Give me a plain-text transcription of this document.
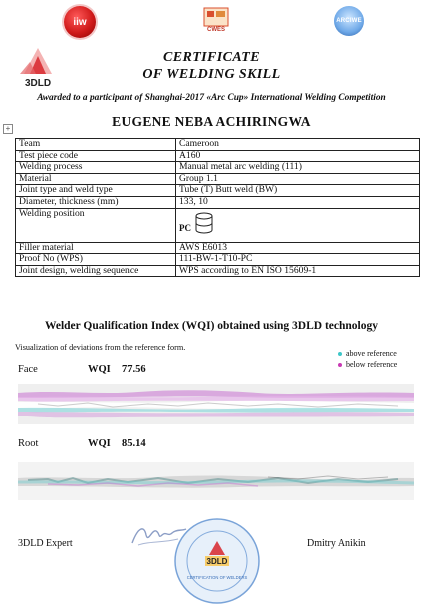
iiw
CWES
ARCIWE
3DLD
CERTIFICATE
OF WELDING SKILL
Awarded to a participant of Shanghai-2017 «Arc Cup» International Welding Competition
EUGENE NEBA ACHIRINGWA
+
Team	Cameroon
Test piece code	A160
Welding process	Manual metal arc welding (111)
Material	Group 1.1
Joint type and weld type	Tube (T) Butt weld (BW)
Diameter, thickness (mm)	133, 10
Welding position	PC

Filler material	AWS E6013
Proof No (WPS)	111-BW-1-T10-PC
Joint design, welding sequence	WPS according to EN ISO 15609-1
Welder Qualification Index (WQI) obtained using 3DLD technology
Visualization of deviations from the reference form.
above reference
below reference
Face	WQI 77.56
Root	WQI 85.14
3DLD Expert
3DLD
CERTIFICATION OF WELDERS
Dmitry Anikin
